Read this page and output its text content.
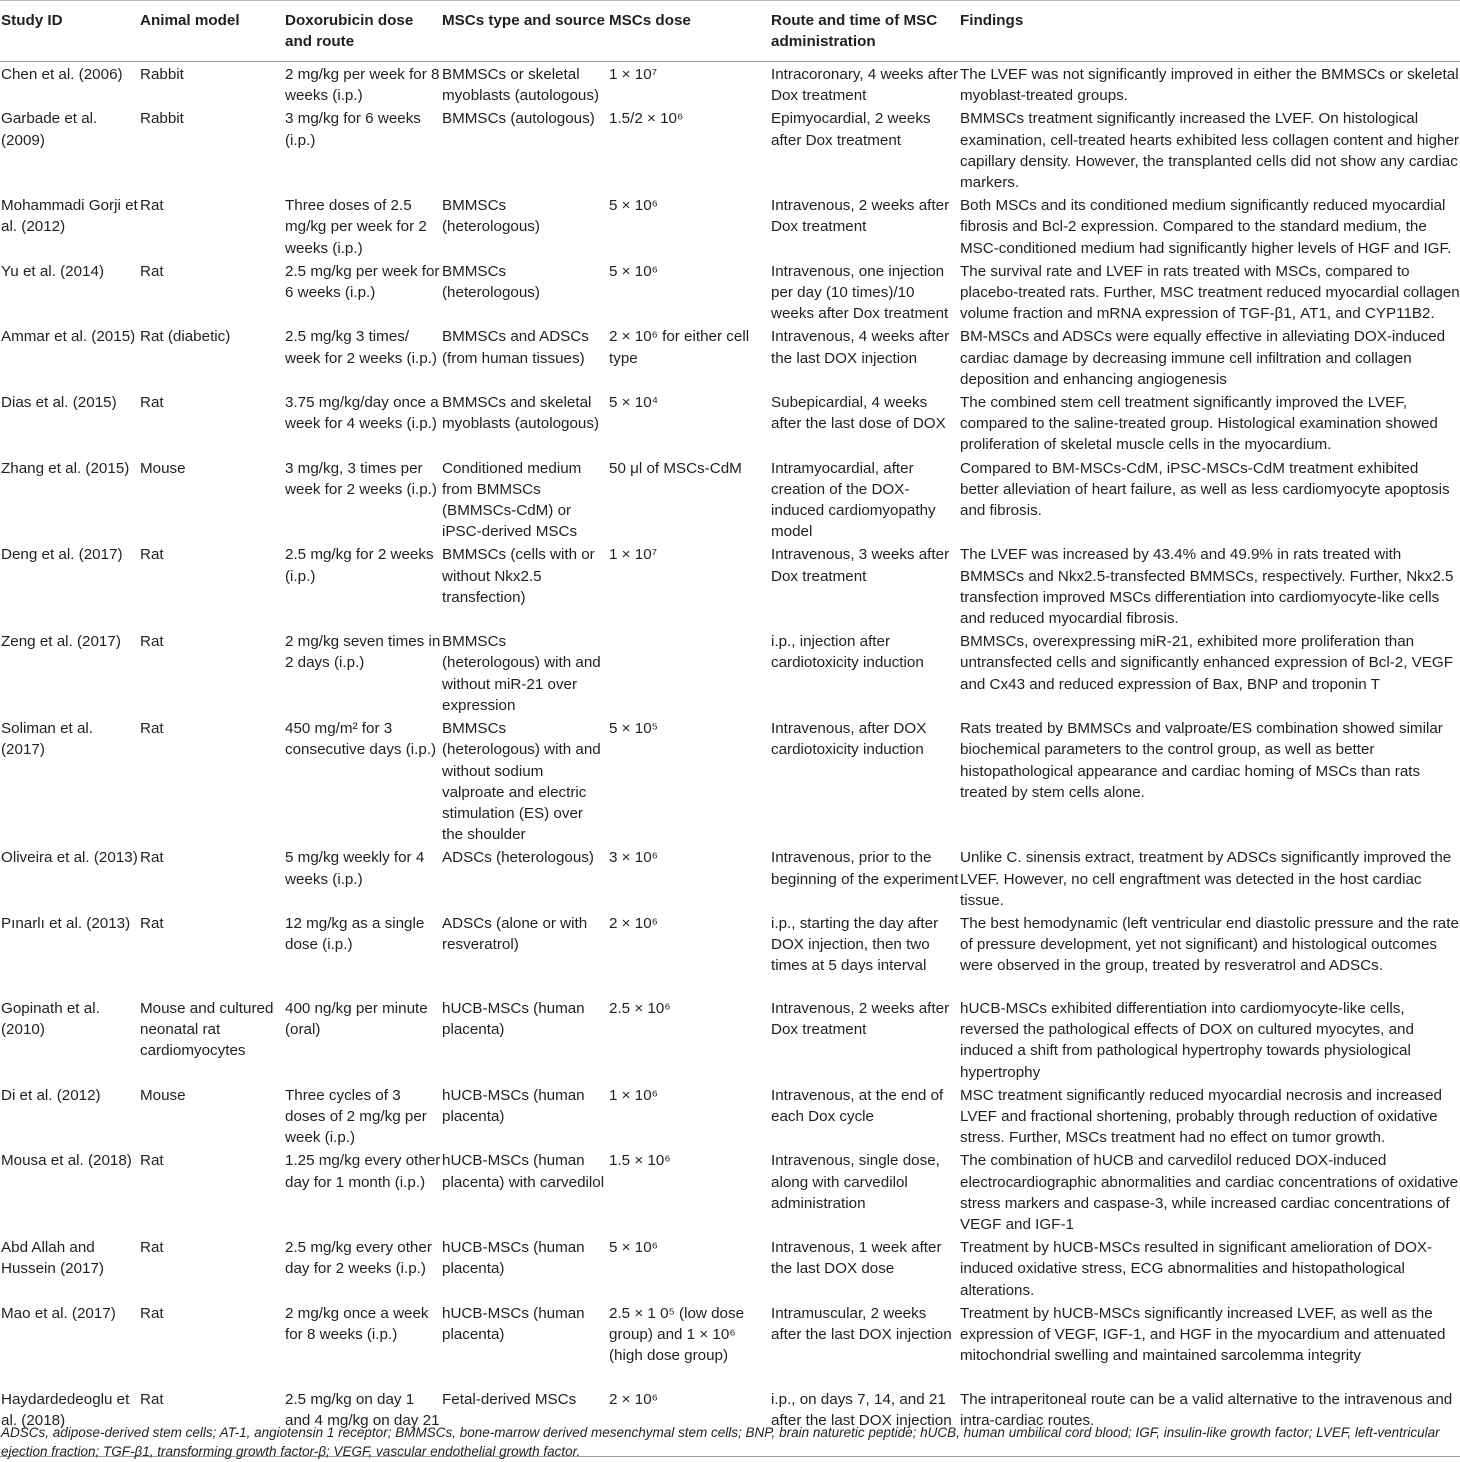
Study ID	Animal model	Doxorubicin dose and route	MSCs type and source	MSCs dose	Route and time of MSC administration	Findings
Chen et al. (2006)	Rabbit	2 mg/kg per week for 8 weeks (i.p.)	BMMSCs or skeletal myoblasts (autologous)	1 × 10⁷	Intracoronary, 4 weeks after Dox treatment	The LVEF was not significantly improved in either the BMMSCs or skeletal myoblast-treated groups.
Garbade et al. (2009)	Rabbit	3 mg/kg for 6 weeks (i.p.)	BMMSCs (autologous)	1.5/2 × 10⁶	Epimyocardial, 2 weeks after Dox treatment	BMMSCs treatment significantly increased the LVEF. On histological examination, cell-treated hearts exhibited less collagen content and higher capillary density. However, the transplanted cells did not show any cardiac markers.
Mohammadi Gorji et al. (2012)	Rat	Three doses of 2.5 mg/kg per week for 2 weeks (i.p.)	BMMSCs (heterologous)	5 × 10⁶	Intravenous, 2 weeks after Dox treatment	Both MSCs and its conditioned medium significantly reduced myocardial fibrosis and Bcl-2 expression. Compared to the standard medium, the MSC-conditioned medium had significantly higher levels of HGF and IGF.
Yu et al. (2014)	Rat	2.5 mg/kg per week for 6 weeks (i.p.)	BMMSCs (heterologous)	5 × 10⁶	Intravenous, one injection per day (10 times)/10 weeks after Dox treatment	The survival rate and LVEF in rats treated with MSCs, compared to placebo-treated rats. Further, MSC treatment reduced myocardial collagen volume fraction and mRNA expression of TGF-β1, AT1, and CYP11B2.
Ammar et al. (2015)	Rat (diabetic)	2.5 mg/kg 3 times/ week for 2 weeks (i.p.)	BMMSCs and ADSCs (from human tissues)	2 × 10⁶ for either cell type	Intravenous, 4 weeks after the last DOX injection	BM-MSCs and ADSCs were equally effective in alleviating DOX-induced cardiac damage by decreasing immune cell infiltration and collagen deposition and enhancing angiogenesis
Dias et al. (2015)	Rat	3.75 mg/kg/day once a week for 4 weeks (i.p.)	BMMSCs and skeletal myoblasts (autologous)	5 × 10⁴	Subepicardial, 4 weeks after the last dose of DOX	The combined stem cell treatment significantly improved the LVEF, compared to the saline-treated group. Histological examination showed proliferation of skeletal muscle cells in the myocardium.
Zhang et al. (2015)	Mouse	3 mg/kg, 3 times per week for 2 weeks (i.p.)	Conditioned medium from BMMSCs (BMMSCs-CdM) or iPSC-derived MSCs	50 μl of MSCs-CdM	Intramyocardial, after creation of the DOX-induced cardiomyopathy model	Compared to BM-MSCs-CdM, iPSC-MSCs-CdM treatment exhibited better alleviation of heart failure, as well as less cardiomyocyte apoptosis and fibrosis.
Deng et al. (2017)	Rat	2.5 mg/kg for 2 weeks (i.p.)	BMMSCs (cells with or without Nkx2.5 transfection)	1 × 10⁷	Intravenous, 3 weeks after Dox treatment	The LVEF was increased by 43.4% and 49.9% in rats treated with BMMSCs and Nkx2.5-transfected BMMSCs, respectively. Further, Nkx2.5 transfection improved MSCs differentiation into cardiomyocyte-like cells and reduced myocardial fibrosis.
Zeng et al. (2017)	Rat	2 mg/kg seven times in 2 days (i.p.)	BMMSCs (heterologous) with and without miR-21 over expression		i.p., injection after cardiotoxicity induction	BMMSCs, overexpressing miR-21, exhibited more proliferation than untransfected cells and significantly enhanced expression of Bcl-2, VEGF and Cx43 and reduced expression of Bax, BNP and troponin T
Soliman et al. (2017)	Rat	450 mg/m² for 3 consecutive days (i.p.)	BMMSCs (heterologous) with and without sodium valproate and electric stimulation (ES) over the shoulder	5 × 10⁵	Intravenous, after DOX cardiotoxicity induction	Rats treated by BMMSCs and valproate/ES combination showed similar biochemical parameters to the control group, as well as better histopathological appearance and cardiac homing of MSCs than rats treated by stem cells alone.
Oliveira et al. (2013)	Rat	5 mg/kg weekly for 4 weeks (i.p.)	ADSCs (heterologous)	3 × 10⁶	Intravenous, prior to the beginning of the experiment	Unlike C. sinensis extract, treatment by ADSCs significantly improved the LVEF. However, no cell engraftment was detected in the host cardiac tissue.
Pınarlı et al. (2013)	Rat	12 mg/kg as a single dose (i.p.)	ADSCs (alone or with resveratrol)	2 × 10⁶	i.p., starting the day after DOX injection, then two times at 5 days interval	The best hemodynamic (left ventricular end diastolic pressure and the rate of pressure development, yet not significant) and histological outcomes were observed in the group, treated by resveratrol and ADSCs.
Gopinath et al. (2010)	Mouse and cultured neonatal rat cardiomyocytes	400 ng/kg per minute (oral)	hUCB-MSCs (human placenta)	2.5 × 10⁶	Intravenous, 2 weeks after Dox treatment	hUCB-MSCs exhibited differentiation into cardiomyocyte-like cells, reversed the pathological effects of DOX on cultured myocytes, and induced a shift from pathological hypertrophy towards physiological hypertrophy
Di et al. (2012)	Mouse	Three cycles of 3 doses of 2 mg/kg per week (i.p.)	hUCB-MSCs (human placenta)	1 × 10⁶	Intravenous, at the end of each Dox cycle	MSC treatment significantly reduced myocardial necrosis and increased LVEF and fractional shortening, probably through reduction of oxidative stress. Further, MSCs treatment had no effect on tumor growth.
Mousa et al. (2018)	Rat	1.25 mg/kg every other day for 1 month (i.p.)	hUCB-MSCs (human placenta) with carvedilol	1.5 × 10⁶	Intravenous, single dose, along with carvedilol administration	The combination of hUCB and carvedilol reduced DOX-induced electrocardiographic abnormalities and cardiac concentrations of oxidative stress markers and caspase-3, while increased cardiac concentrations of VEGF and IGF-1
Abd Allah and Hussein (2017)	Rat	2.5 mg/kg every other day for 2 weeks (i.p.)	hUCB-MSCs (human placenta)	5 × 10⁶	Intravenous, 1 week after the last DOX dose	Treatment by hUCB-MSCs resulted in significant amelioration of DOX-induced oxidative stress, ECG abnormalities and histopathological alterations.
Mao et al. (2017)	Rat	2 mg/kg once a week for 8 weeks (i.p.)	hUCB-MSCs (human placenta)	2.5 × 1 0⁵ (low dose group) and 1 × 10⁶ (high dose group)	Intramuscular, 2 weeks after the last DOX injection	Treatment by hUCB-MSCs significantly increased LVEF, as well as the expression of VEGF, IGF-1, and HGF in the myocardium and attenuated mitochondrial swelling and maintained sarcolemma integrity
Haydardedeoglu et al. (2018)	Rat	2.5 mg/kg on day 1 and 4 mg/kg on day 21	Fetal-derived MSCs	2 × 10⁶	i.p., on days 7, 14, and 21 after the last DOX injection	The intraperitoneal route can be a valid alternative to the intravenous and intra-cardiac routes.

ADSCs, adipose-derived stem cells; AT-1, angiotensin 1 receptor; BMMSCs, bone-marrow derived mesenchymal stem cells; BNP, brain naturetic peptide; hUCB, human umbilical cord blood; IGF, insulin-like growth factor; LVEF, left-ventricular ejection fraction; TGF-β1, transforming growth factor-β; VEGF, vascular endothelial growth factor.
